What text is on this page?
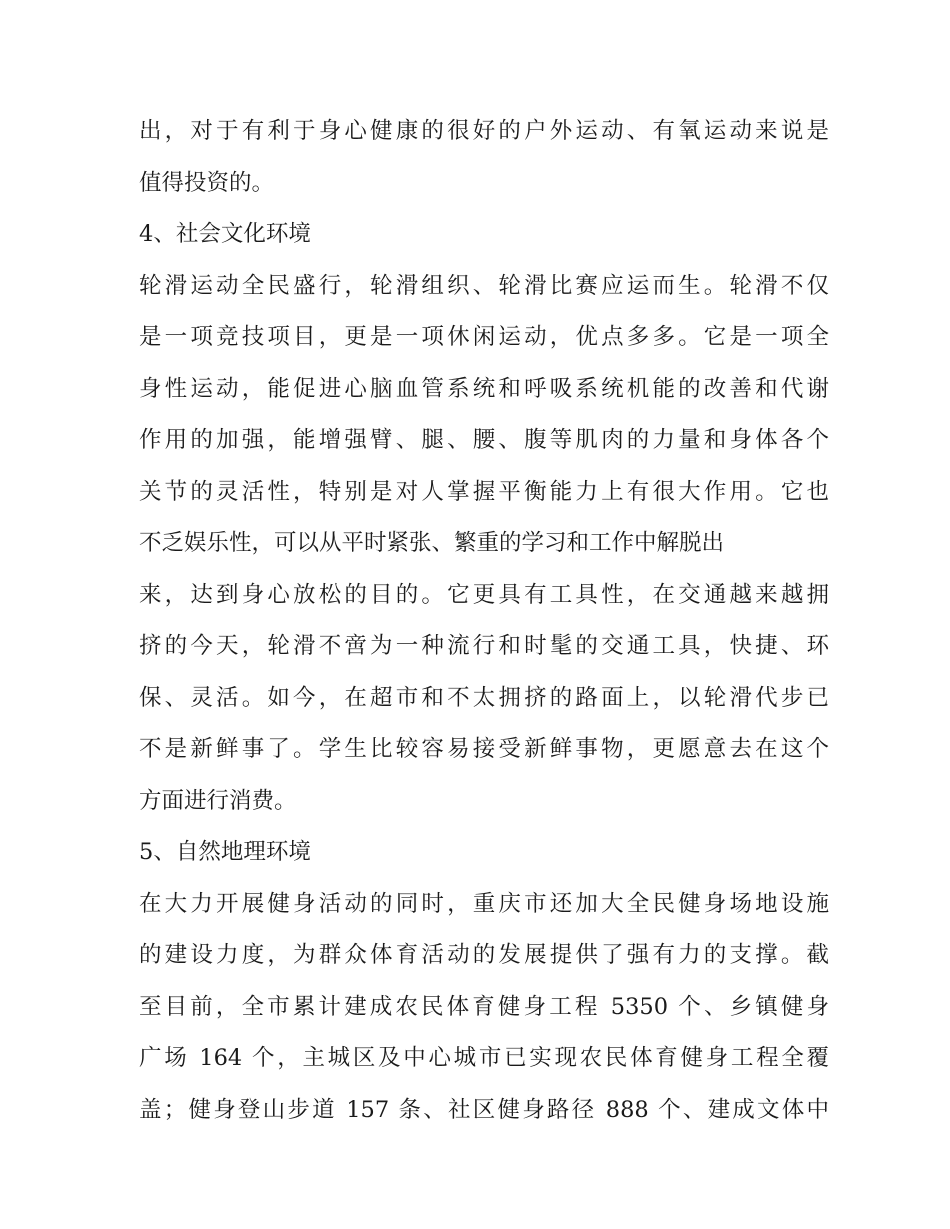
出，对于有利于身心健康的很好的户外运动、有氧运动来说是
值得投资的。
4、社会文化环境
轮滑运动全民盛行，轮滑组织、轮滑比赛应运而生。轮滑不仅
是一项竞技项目，更是一项休闲运动，优点多多。它是一项全
身性运动，能促进心脑血管系统和呼吸系统机能的改善和代谢
作用的加强，能增强臂、腿、腰、腹等肌肉的力量和身体各个
关节的灵活性，特别是对人掌握平衡能力上有很大作用。它也
不乏娱乐性，可以从平时紧张、繁重的学习和工作中解脱出
来，达到身心放松的目的。它更具有工具性，在交通越来越拥
挤的今天，轮滑不啻为一种流行和时髦的交通工具，快捷、环
保、灵活。如今，在超市和不太拥挤的路面上，以轮滑代步已
不是新鲜事了。学生比较容易接受新鲜事物，更愿意去在这个
方面进行消费。
5、自然地理环境
在大力开展健身活动的同时，重庆市还加大全民健身场地设施
的建设力度，为群众体育活动的发展提供了强有力的支撑。截
至目前，全市累计建成农民体育健身工程 5350 个、乡镇健身
广场 164 个，主城区及中心城市已实现农民体育健身工程全覆
盖；健身登山步道 157 条、社区健身路径 888 个、建成文体中
